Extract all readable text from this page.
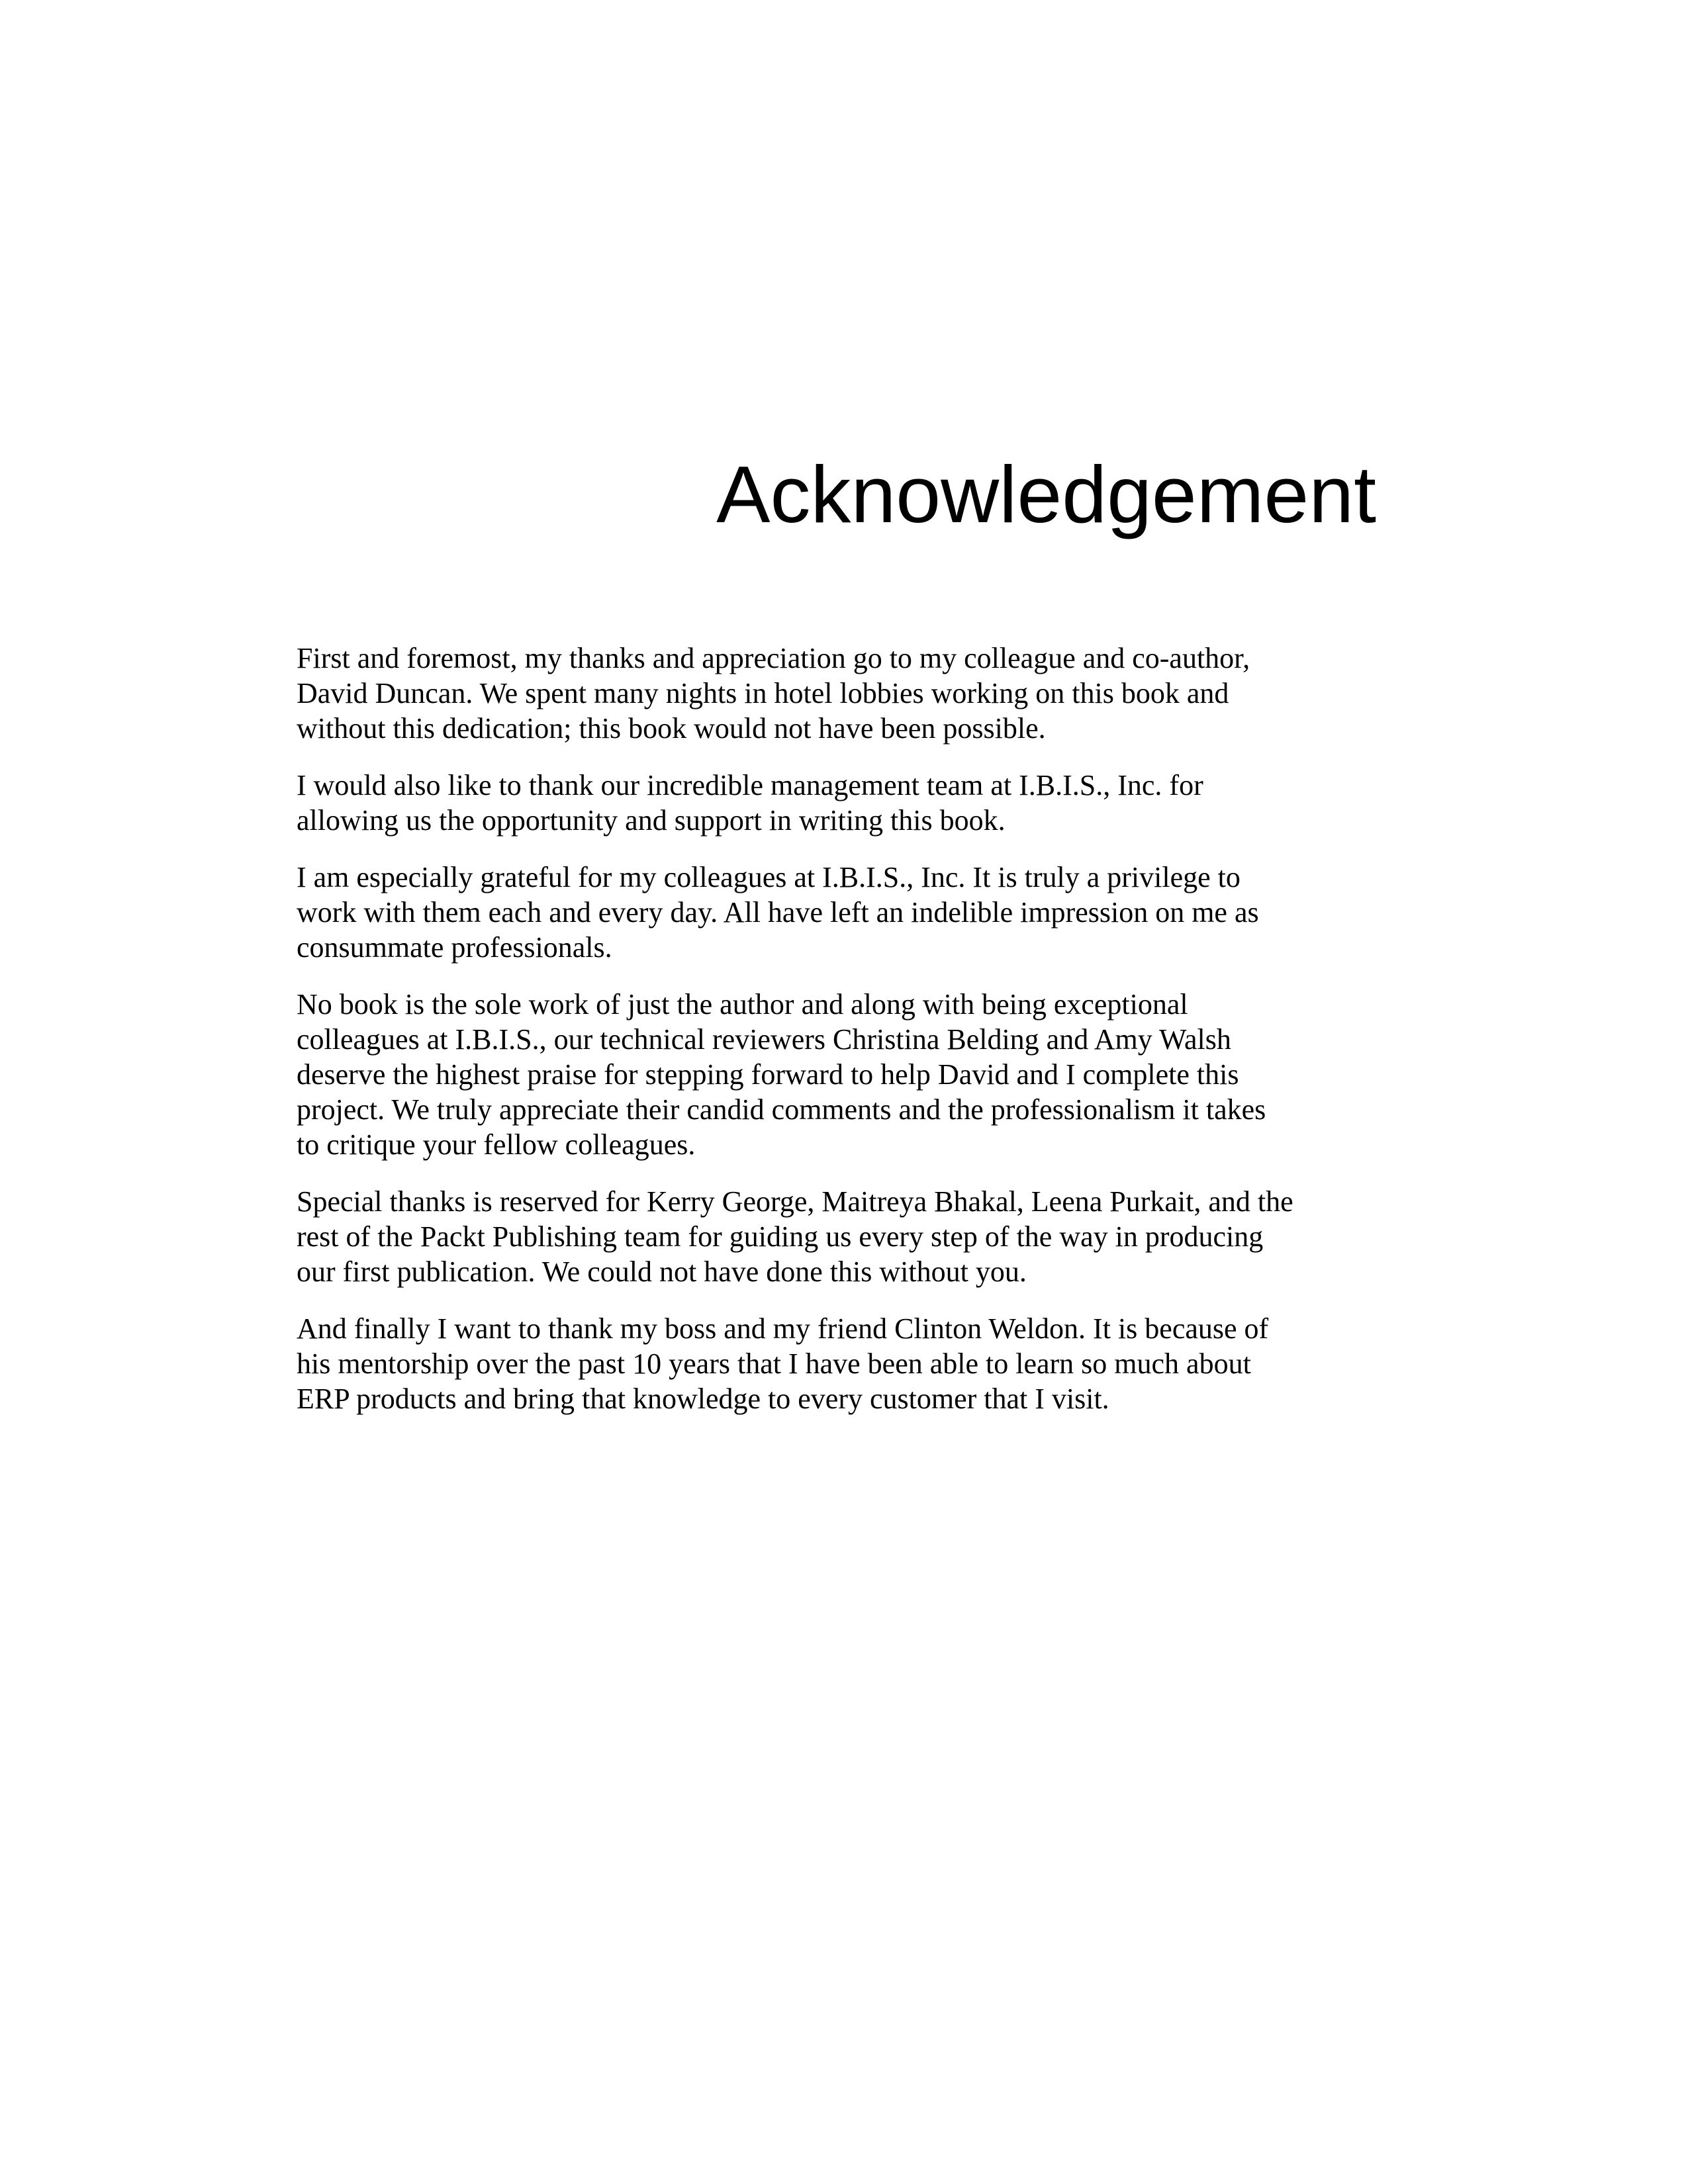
Acknowledgement

First and foremost, my thanks and appreciation go to my colleague and co-author,
David Duncan. We spent many nights in hotel lobbies working on this book and
without this dedication; this book would not have been possible.

I would also like to thank our incredible management team at I.B.I.S., Inc. for
allowing us the opportunity and support in writing this book.

I am especially grateful for my colleagues at I.B.I.S., Inc. It is truly a privilege to
work with them each and every day. All have left an indelible impression on me as
consummate professionals.

No book is the sole work of just the author and along with being exceptional
colleagues at I.B.I.S., our technical reviewers Christina Belding and Amy Walsh
deserve the highest praise for stepping forward to help David and I complete this
project. We truly appreciate their candid comments and the professionalism it takes
to critique your fellow colleagues.

Special thanks is reserved for Kerry George, Maitreya Bhakal, Leena Purkait, and the
rest of the Packt Publishing team for guiding us every step of the way in producing
our first publication. We could not have done this without you.

And finally I want to thank my boss and my friend Clinton Weldon. It is because of
his mentorship over the past 10 years that I have been able to learn so much about
ERP products and bring that knowledge to every customer that I visit.
